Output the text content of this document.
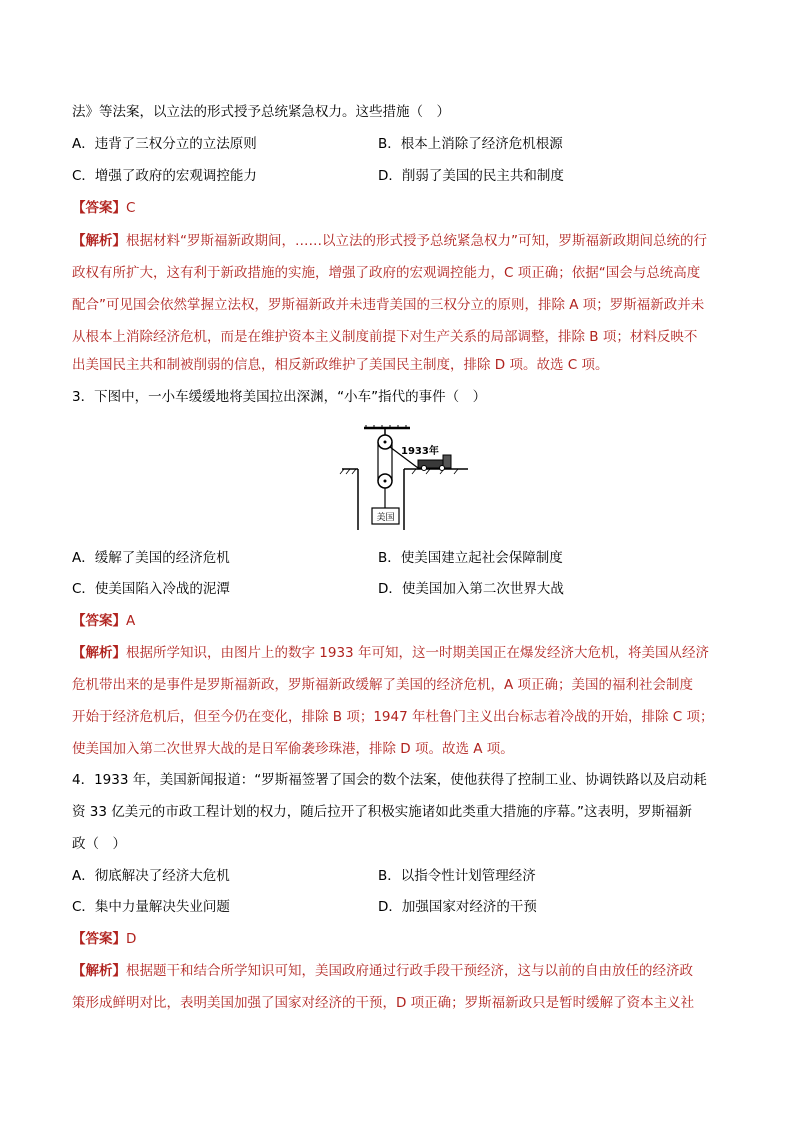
法》等法案，以立法的形式授予总统紧急权力。这些措施（　）
A．违背了三权分立的立法原则	B．根本上消除了经济危机根源
C．增强了政府的宏观调控能力	D．削弱了美国的民主共和制度
【答案】C
【解析】根据材料“罗斯福新政期间，……以立法的形式授予总统紧急权力”可知，罗斯福新政期间总统的行
政权有所扩大，这有利于新政措施的实施，增强了政府的宏观调控能力，C 项正确；依据“国会与总统高度
配合”可见国会依然掌握立法权，罗斯福新政并未违背美国的三权分立的原则，排除 A 项；罗斯福新政并未
从根本上消除经济危机，而是在维护资本主义制度前提下对生产关系的局部调整，排除 B 项；材料反映不
出美国民主共和制被削弱的信息，相反新政维护了美国民主制度，排除 D 项。故选 C 项。
3．下图中，一小车缓缓地将美国拉出深渊，“小车”指代的事件（　）
1933年
美国
A．缓解了美国的经济危机	B．使美国建立起社会保障制度
C．使美国陷入冷战的泥潭	D．使美国加入第二次世界大战
【答案】A
【解析】根据所学知识，由图片上的数字 1933 年可知，这一时期美国正在爆发经济大危机，将美国从经济
危机带出来的是事件是罗斯福新政，罗斯福新政缓解了美国的经济危机，A 项正确；美国的福利社会制度
开始于经济危机后，但至今仍在变化，排除 B 项；1947 年杜鲁门主义出台标志着冷战的开始，排除 C 项；
使美国加入第二次世界大战的是日军偷袭珍珠港，排除 D 项。故选 A 项。
4．1933 年，美国新闻报道：“罗斯福签署了国会的数个法案，使他获得了控制工业、协调铁路以及启动耗
资 33 亿美元的市政工程计划的权力，随后拉开了积极实施诸如此类重大措施的序幕。”这表明，罗斯福新
政（　）
A．彻底解决了经济大危机	B．以指令性计划管理经济
C．集中力量解决失业问题	D．加强国家对经济的干预
【答案】D
【解析】根据题干和结合所学知识可知，美国政府通过行政手段干预经济，这与以前的自由放任的经济政
策形成鲜明对比，表明美国加强了国家对经济的干预，D 项正确；罗斯福新政只是暂时缓解了资本主义社
